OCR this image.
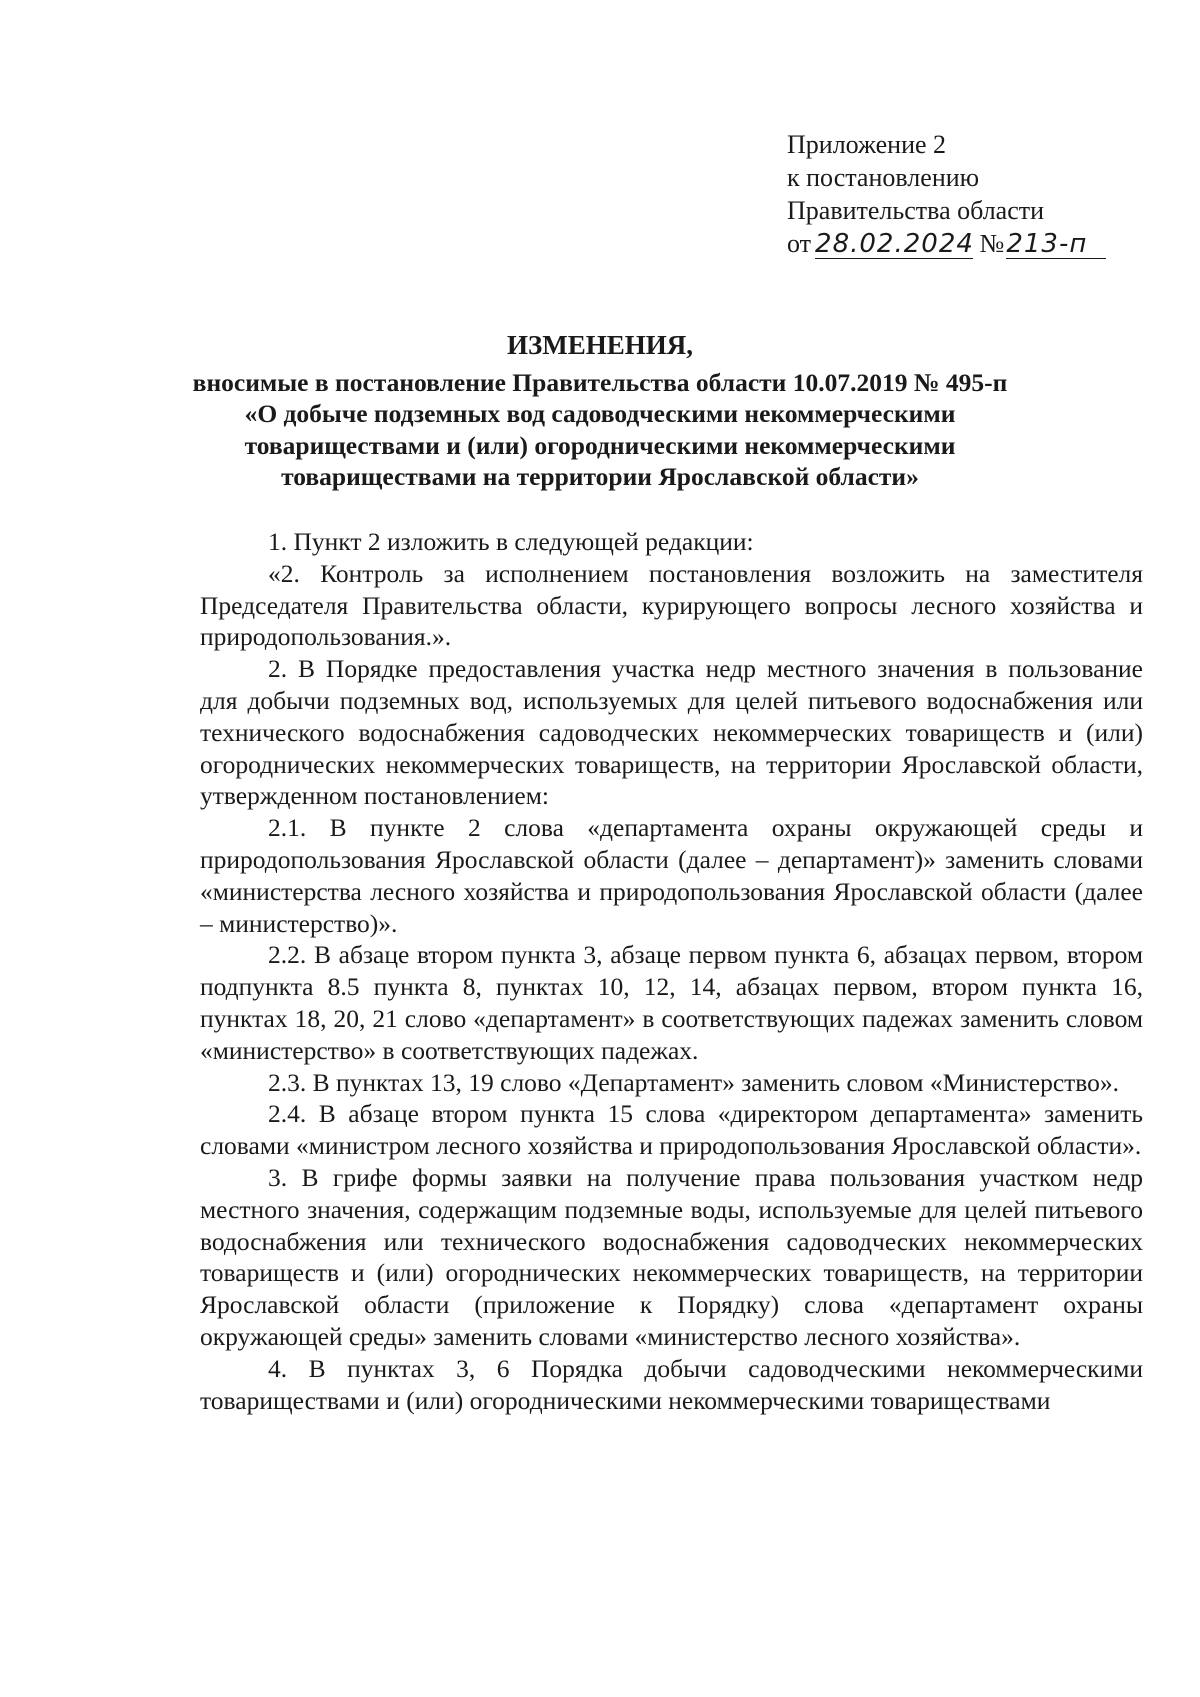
Приложение 2
к постановлению
Правительства области
от 28.02.2024 №213-п
ИЗМЕНЕНИЯ,
вносимые в постановление Правительства области 10.07.2019 № 495-п
«О добыче подземных вод садоводческими некоммерческими
товариществами и (или) огородническими некоммерческими
товариществами на территории Ярославской области»

1. Пункт 2 изложить в следующей редакции:

«2. Контроль за исполнением постановления возложить на заместителя Председателя Правительства области, курирующего вопросы лесного хозяйства и природопользования.».

2. В Порядке предоставления участка недр местного значения в пользование для добычи подземных вод, используемых для целей питьевого водоснабжения или технического водоснабжения садоводческих некоммерческих товариществ и (или) огороднических некоммерческих товариществ, на территории Ярославской области, утвержденном постановлением:

2.1. В пункте 2 слова «департамента охраны окружающей среды и природопользования Ярославской области (далее – департамент)» заменить словами «министерства лесного хозяйства и природопользования Ярославской области (далее – министерство)».

2.2. В абзаце втором пункта 3, абзаце первом пункта 6, абзацах первом, втором подпункта 8.5 пункта 8, пунктах 10, 12, 14, абзацах первом, втором пункта 16, пунктах 18, 20, 21 слово «департамент» в соответствующих падежах заменить словом «министерство» в соответствующих падежах.

2.3. В пунктах 13, 19 слово «Департамент» заменить словом «Министерство».

2.4. В абзаце втором пункта 15 слова «директором департамента» заменить словами «министром лесного хозяйства и природопользования Ярославской области».

3. В грифе формы заявки на получение права пользования участком недр местного значения, содержащим подземные воды, используемые для целей питьевого водоснабжения или технического водоснабжения садоводческих некоммерческих товариществ и (или) огороднических некоммерческих товариществ, на территории Ярославской области (приложение к Порядку) слова «департамент охраны окружающей среды» заменить словами «министерство лесного хозяйства».

4. В пунктах 3, 6 Порядка добычи садоводческими некоммерческими товариществами и (или) огородническими некоммерческими товариществами
